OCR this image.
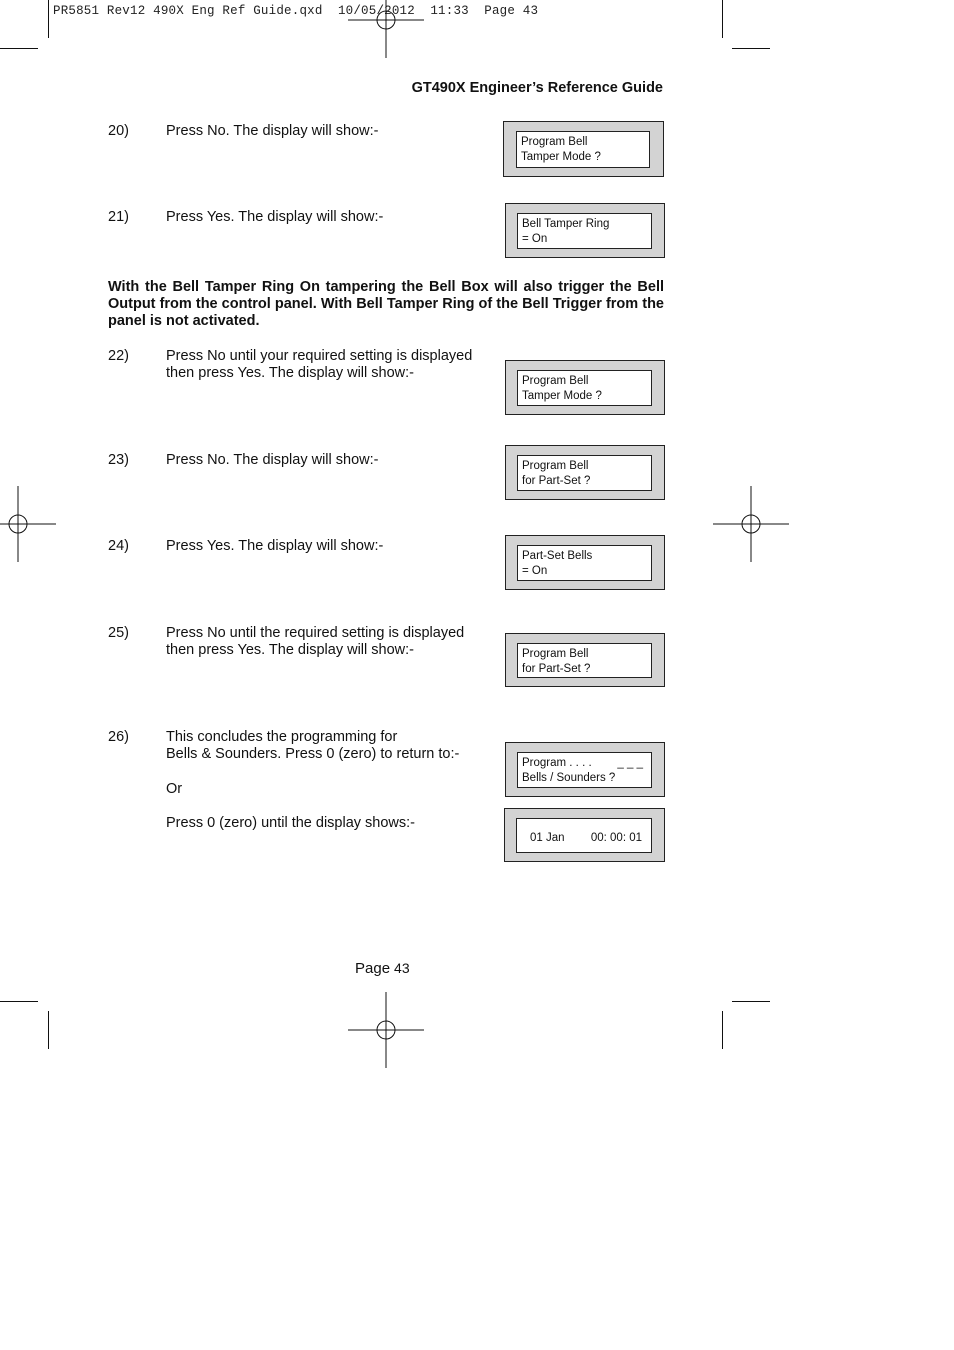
PR5851 Rev12 490X Eng Ref Guide.qxd  10/05/2012  11:33  Page 43
GT490X Engineer’s Reference Guide
20)	Press No. The display will show:-
21)	Press Yes. The display will show:-
With the Bell Tamper Ring On tampering the Bell Box will also trigger the Bell Output from the control panel. With Bell Tamper Ring of the Bell Trigger from the panel is not activated.
22)	Press No until your required setting is displayed
then press Yes. The display will show:-
23)	Press No. The display will show:-
24)	Press Yes. The display will show:-
25)	Press No until the required setting is displayed
then press Yes. The display will show:-
26)	This concludes the programming for
Bells & Sounders. Press 0 (zero) to return to:-
Or
Press 0 (zero) until the display shows:-
Program Bell
Tamper Mode ?
Bell Tamper Ring
= On
Program Bell
Tamper Mode ?
Program Bell
for Part-Set ?
Part-Set Bells
= On
Program Bell
for Part-Set ?
Program . . . . _ _ _
Bells / Sounders ?
01 Jan 00: 00: 01
Page 43
